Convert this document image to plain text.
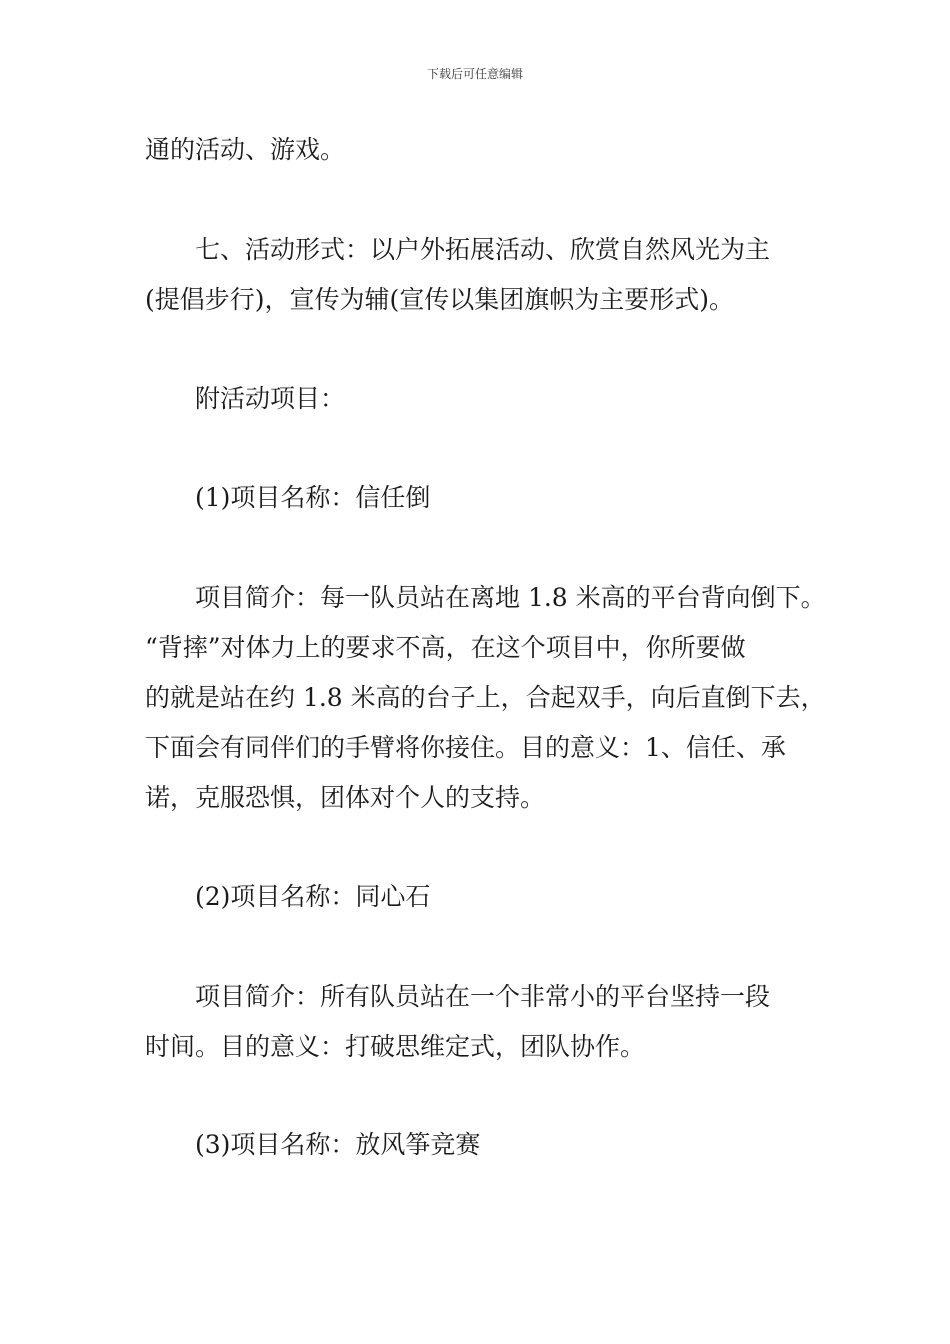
下载后可任意编辑

通的活动、游戏。

　　七、活动形式：以户外拓展活动、欣赏自然风光为主
(提倡步行)，宣传为辅(宣传以集团旗帜为主要形式)。

　　附活动项目：

　　(1)项目名称：信任倒

　　项目简介：每一队员站在离地 1.8 米高的平台背向倒下。
“背摔”对体力上的要求不高，在这个项目中，你所要做
的就是站在约 1.8 米高的台子上，合起双手，向后直倒下去，
下面会有同伴们的手臂将你接住。目的意义：1、信任、承
诺，克服恐惧，团体对个人的支持。

　　(2)项目名称：同心石

　　项目简介：所有队员站在一个非常小的平台坚持一段
时间。目的意义：打破思维定式，团队协作。

　　(3)项目名称：放风筝竞赛
